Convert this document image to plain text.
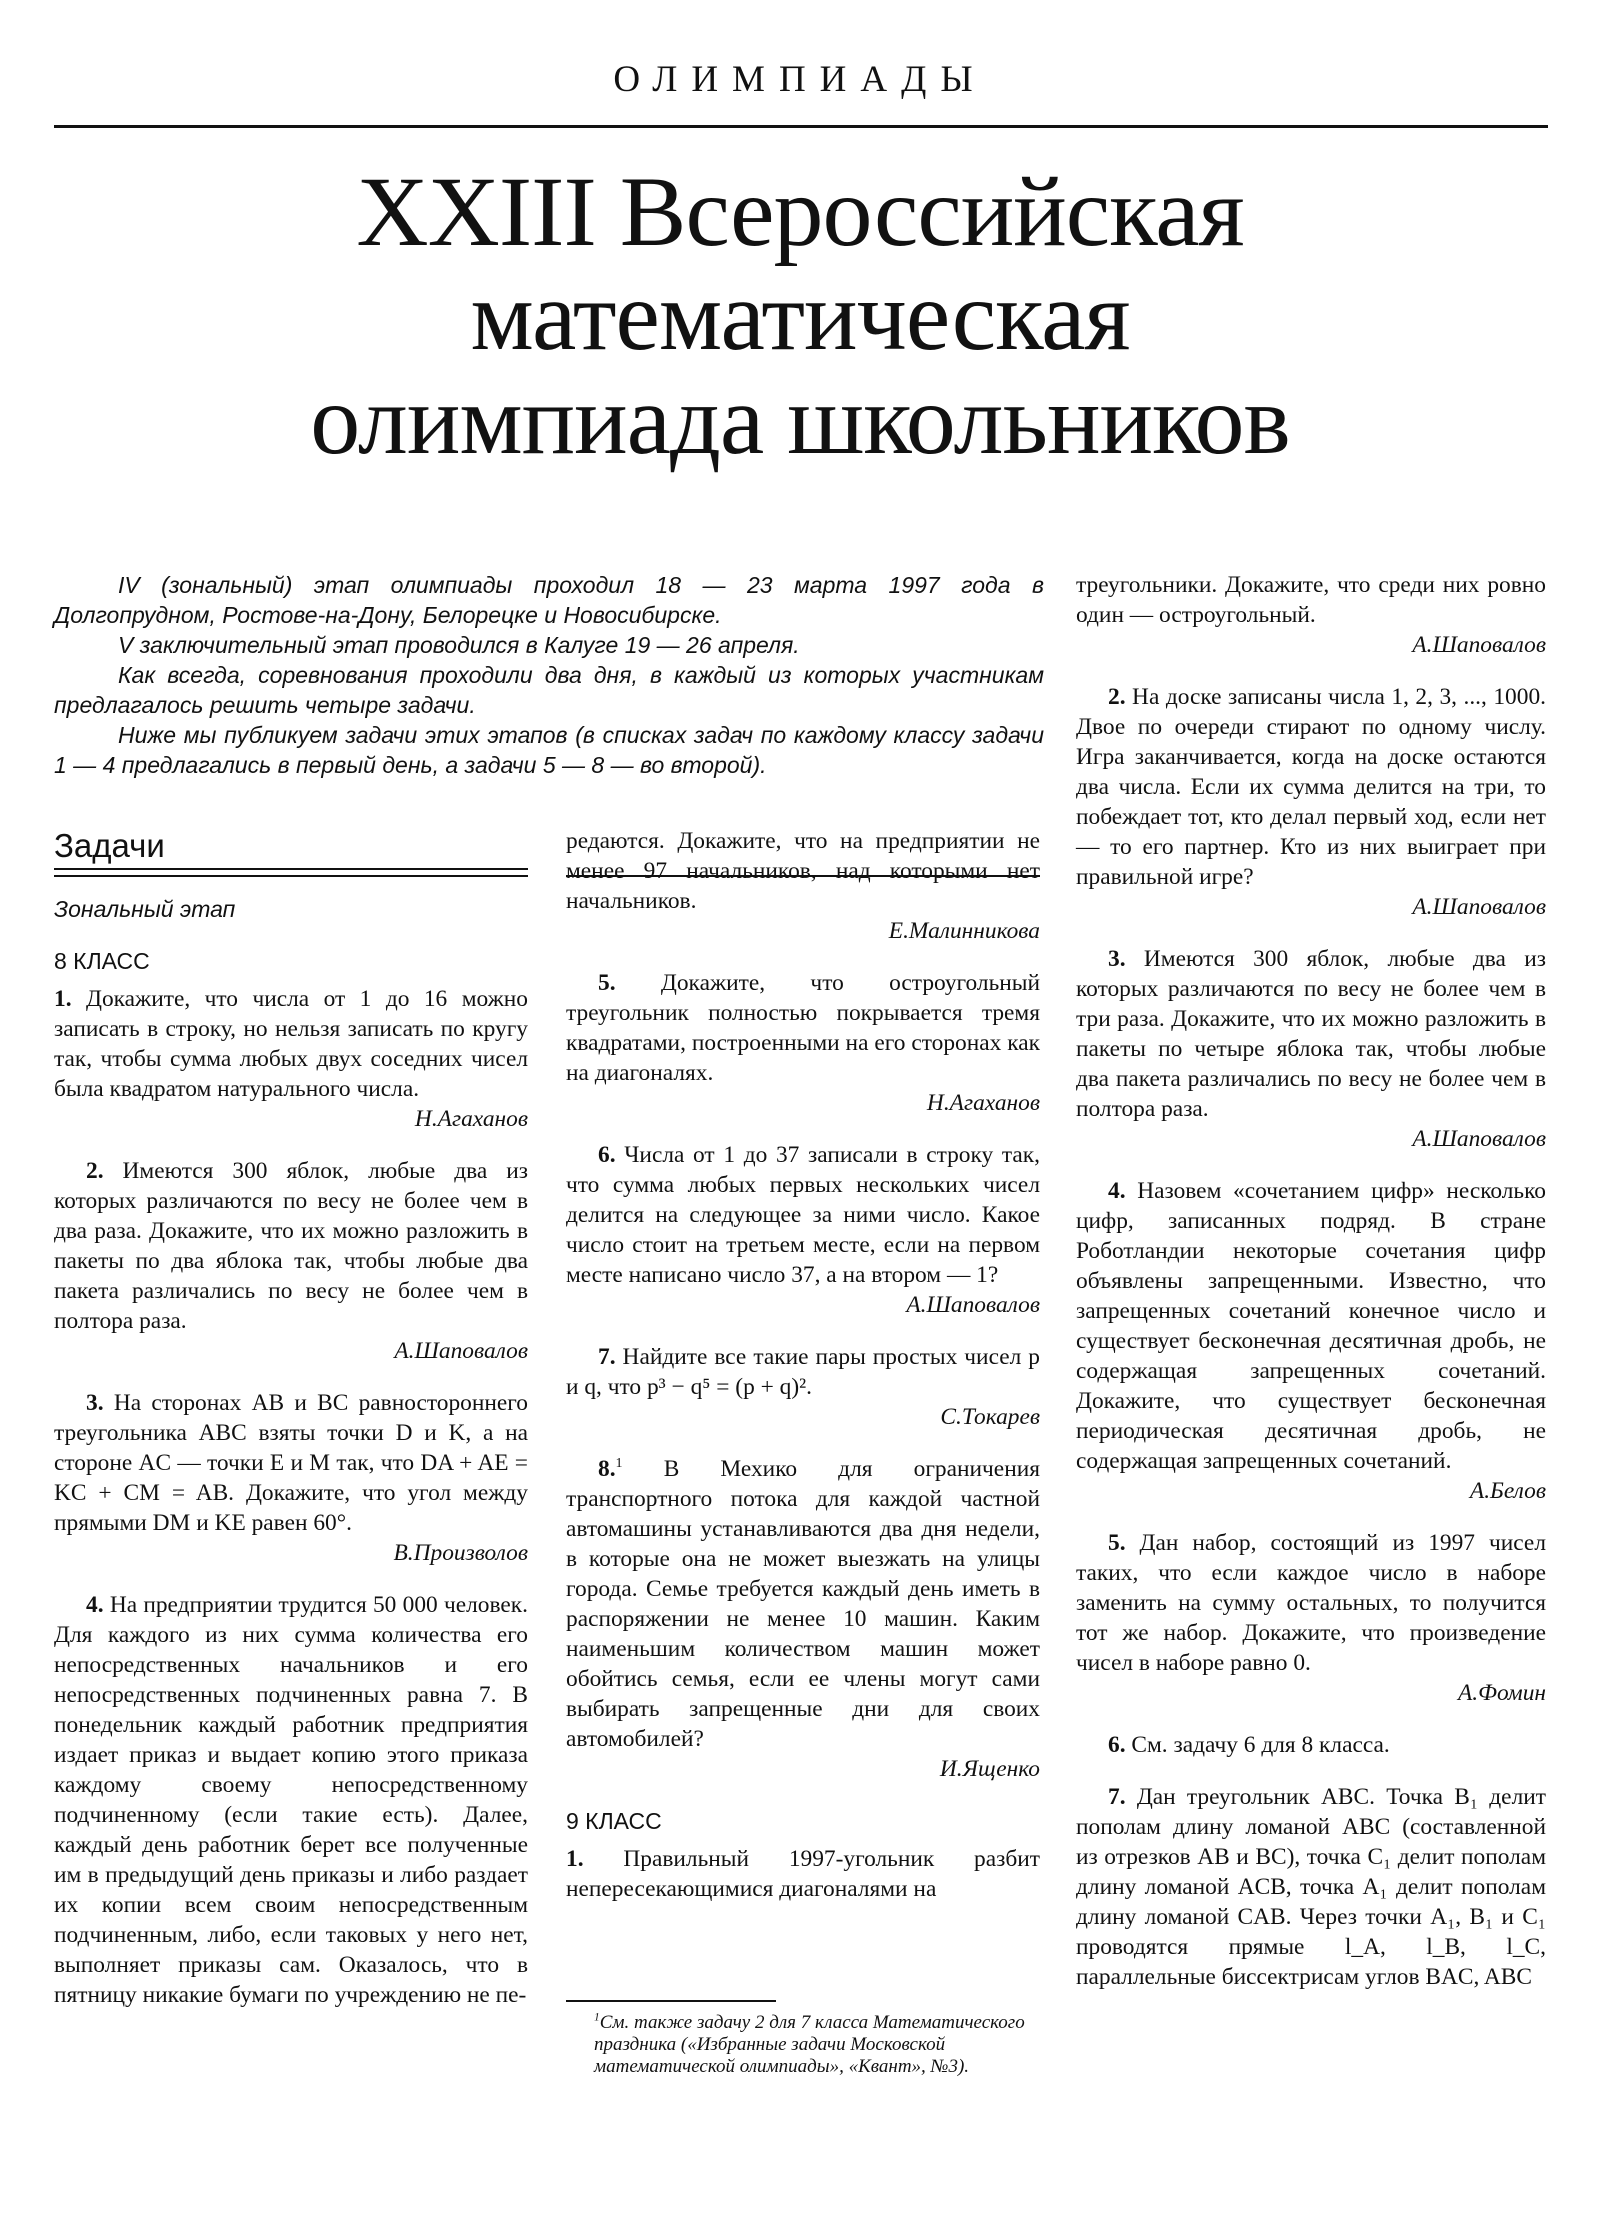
ОЛИМПИАДЫ
XXIII Всероссийская
математическая
олимпиада школьников

IV (зональный) этап олимпиады проходил 18 — 23 марта 1997 года в Долгопрудном, Ростове-на-Дону, Белорецке и Новосибирске.

V заключительный этап проводился в Калуге 19 — 26 апреля.

Как всегда, соревнования проходили два дня, в каждый из которых участникам предлагалось решить четыре задачи.

Ниже мы публикуем задачи этих этапов (в списках задач по каждому классу задачи 1 — 4 предлагались в первый день, а задачи 5 — 8 — во второй).

Задачи
Зональный этап
8 КЛАСС

1. Докажите, что числа от 1 до 16 можно записать в строку, но нельзя записать по кругу так, чтобы сумма любых двух соседних чисел была квадратом натурального числа.

Н.Агаханов

2. Имеются 300 яблок, любые два из которых различаются по весу не более чем в два раза. Докажите, что их можно разложить в пакеты по два яблока так, чтобы любые два пакета различались по весу не более чем в полтора раза.

А.Шаповалов

3. На сторонах AB и BC равностороннего треугольника ABC взяты точки D и K, а на стороне AC — точки E и M так, что DA + AE = KC + CM = AB. Докажите, что угол между прямыми DM и KE равен 60°.

В.Произволов

4. На предприятии трудится 50 000 человек. Для каждого из них сумма количества его непосредственных начальников и его непосредственных подчиненных равна 7. В понедельник каждый работник предприятия издает приказ и выдает копию этого приказа каждому своему непосредственному подчиненному (если такие есть). Далее, каждый день работник берет все полученные им в предыдущий день приказы и либо раздает их копии всем своим непосредственным подчиненным, либо, если таковых у него нет, выполняет приказы сам. Оказалось, что в пятницу никакие бумаги по учреждению не пе-

редаются. Докажите, что на предприятии не менее 97 начальников, над которыми нет начальников.

Е.Малинникова

5. Докажите, что остроугольный треугольник полностью покрывается тремя квадратами, построенными на его сторонах как на диагоналях.

Н.Агаханов

6. Числа от 1 до 37 записали в строку так, что сумма любых первых нескольких чисел делится на следующее за ними число. Какое число стоит на третьем месте, если на первом месте написано число 37, а на втором — 1?

А.Шаповалов

7. Найдите все такие пары простых чисел p и q, что p³ − q⁵ = (p + q)².

С.Токарев

8.$^1$ В Мехико для ограничения транспортного потока для каждой частной автомашины устанавливаются два дня недели, в которые она не может выезжать на улицы города. Семье требуется каждый день иметь в распоряжении не менее 10 машин. Каким наименьшим количеством машин может обойтись семья, если ее члены могут сами выбирать запрещенные дни для своих автомобилей?

И.Ященко

9 КЛАСС

1. Правильный 1997-угольник разбит непересекающимися диагоналями на

$^1$См. также задачу 2 для 7 класса Математического праздника («Избранные задачи Московской математической олимпиады», «Квант», №3).

треугольники. Докажите, что среди них ровно один — остроугольный.

А.Шаповалов

2. На доске записаны числа 1, 2, 3, ..., 1000. Двое по очереди стирают по одному числу. Игра заканчивается, когда на доске остаются два числа. Если их сумма делится на три, то побеждает тот, кто делал первый ход, если нет — то его партнер. Кто из них выиграет при правильной игре?

А.Шаповалов

3. Имеются 300 яблок, любые два из которых различаются по весу не более чем в три раза. Докажите, что их можно разложить в пакеты по четыре яблока так, чтобы любые два пакета различались по весу не более чем в полтора раза.

А.Шаповалов

4. Назовем «сочетанием цифр» несколько цифр, записанных подряд. В стране Роботландии некоторые сочетания цифр объявлены запрещенными. Известно, что запрещенных сочетаний конечное число и существует бесконечная десятичная дробь, не содержащая запрещенных сочетаний. Докажите, что существует бесконечная периодическая десятичная дробь, не содержащая запрещенных сочетаний.

А.Белов

5. Дан набор, состоящий из 1997 чисел таких, что если каждое число в наборе заменить на сумму остальных, то получится тот же набор. Докажите, что произведение чисел в наборе равно 0.

А.Фомин

6. См. задачу 6 для 8 класса.

7. Дан треугольник ABC. Точка B₁ делит пополам длину ломаной ABC (составленной из отрезков AB и BC), точка C₁ делит пополам длину ломаной ACB, точка A₁ делит пополам длину ломаной CAB. Через точки A₁, B₁ и C₁ проводятся прямые l_A, l_B, l_C, параллельные биссектрисам углов BAC, ABC
